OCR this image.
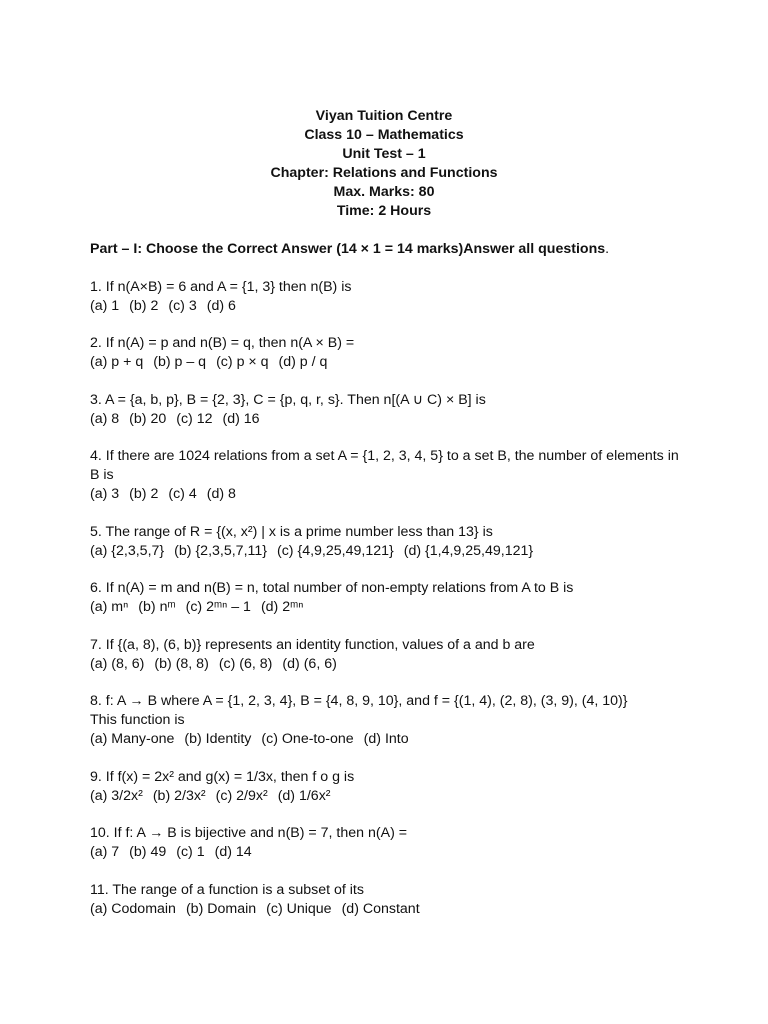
Viyan Tuition Centre
Class 10 – Mathematics
Unit Test – 1
Chapter: Relations and Functions
Max. Marks: 80
Time: 2 Hours
Part – I: Choose the Correct Answer (14 × 1 = 14 marks)Answer all questions.
1. If n(A×B) = 6 and A = {1, 3} then n(B) is
(a) 1 (b) 2 (c) 3 (d) 6
2. If n(A) = p and n(B) = q, then n(A × B) =
(a) p + q (b) p – q (c) p × q (d) p / q
3. A = {a, b, p}, B = {2, 3}, C = {p, q, r, s}. Then n[(A ∪ C) × B] is
(a) 8 (b) 20 (c) 12 (d) 16
4. If there are 1024 relations from a set A = {1, 2, 3, 4, 5} to a set B, the number of elements in B is
(a) 3 (b) 2 (c) 4 (d) 8
5. The range of R = {(x, x²) | x is a prime number less than 13} is
(a) {2,3,5,7} (b) {2,3,5,7,11} (c) {4,9,25,49,121} (d) {1,4,9,25,49,121}
6. If n(A) = m and n(B) = n, total number of non-empty relations from A to B is
(a) mⁿ (b) nᵐ (c) 2ᵐⁿ – 1 (d) 2ᵐⁿ
7. If {(a, 8), (6, b)} represents an identity function, values of a and b are
(a) (8, 6) (b) (8, 8) (c) (6, 8) (d) (6, 6)
8. f: A → B where A = {1, 2, 3, 4}, B = {4, 8, 9, 10}, and f = {(1, 4), (2, 8), (3, 9), (4, 10)}
This function is
(a) Many-one (b) Identity (c) One-to-one (d) Into
9. If f(x) = 2x² and g(x) = 1/3x, then f o g is
(a) 3/2x² (b) 2/3x² (c) 2/9x² (d) 1/6x²
10. If f: A → B is bijective and n(B) = 7, then n(A) =
(a) 7 (b) 49 (c) 1 (d) 14
11. The range of a function is a subset of its
(a) Codomain (b) Domain (c) Unique (d) Constant
